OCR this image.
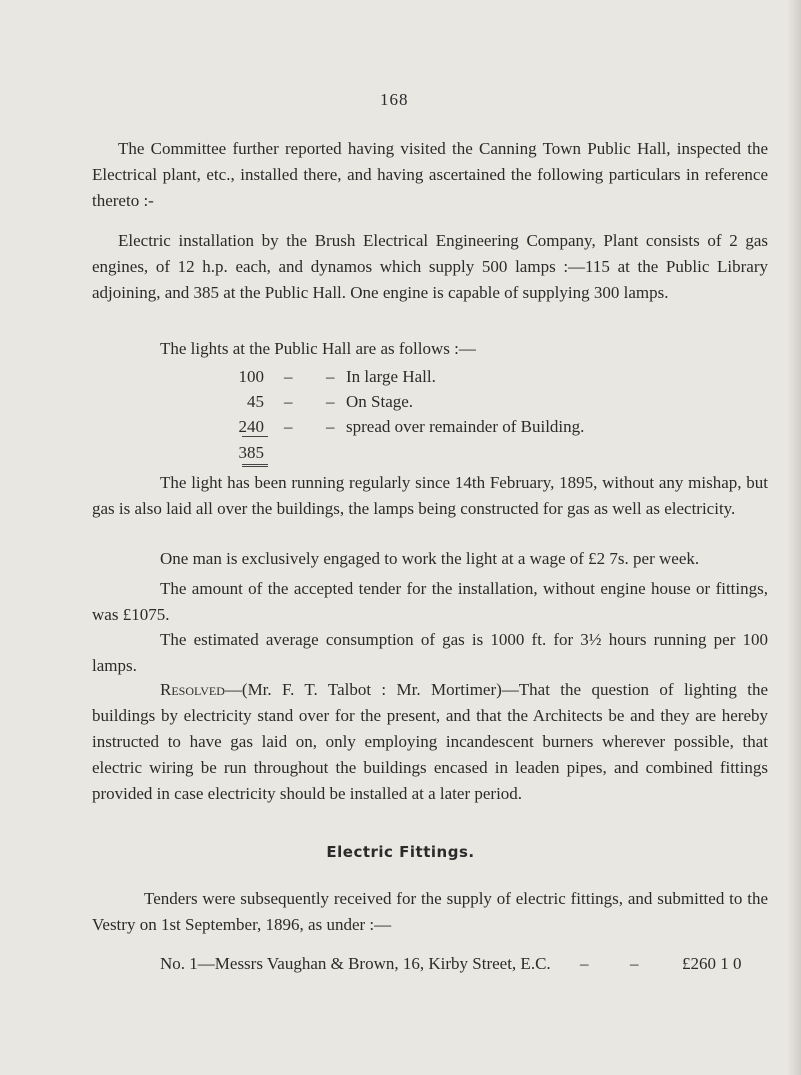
168
The Committee further reported having visited the Canning Town Public Hall, inspected the Electrical plant, etc., installed there, and having ascertained the following particulars in reference thereto :-
Electric installation by the Brush Electrical Engineering Company, Plant consists of 2 gas engines, of 12 h.p. each, and dynamos which supply 500 lamps :—115 at the Public Library adjoining, and 385 at the Public Hall. One engine is capable of supplying 300 lamps.
The lights at the Public Hall are as follows :—
100 – – In large Hall.
45 – – On Stage.
240 – – spread over remainder of Building.
385
The light has been running regularly since 14th February, 1895, without any mishap, but gas is also laid all over the buildings, the lamps being constructed for gas as well as electricity.
One man is exclusively engaged to work the light at a wage of £2 7s. per week.
The amount of the accepted tender for the installation, without engine house or fittings, was £1075.
The estimated average consumption of gas is 1000 ft. for 3½ hours running per 100 lamps.
Resolved—(Mr. F. T. Talbot : Mr. Mortimer)—That the question of lighting the buildings by electricity stand over for the present, and that the Architects be and they are hereby instructed to have gas laid on, only employing incandescent burners wherever possible, that electric wiring be run throughout the buildings encased in leaden pipes, and combined fittings provided in case electricity should be installed at a later period.
Electric Fittings.
Tenders were subsequently received for the supply of electric fittings, and submitted to the Vestry on 1st September, 1896, as under :—
No. 1—Messrs Vaughan & Brown, 16, Kirby Street, E.C. – –	£260 1 0
